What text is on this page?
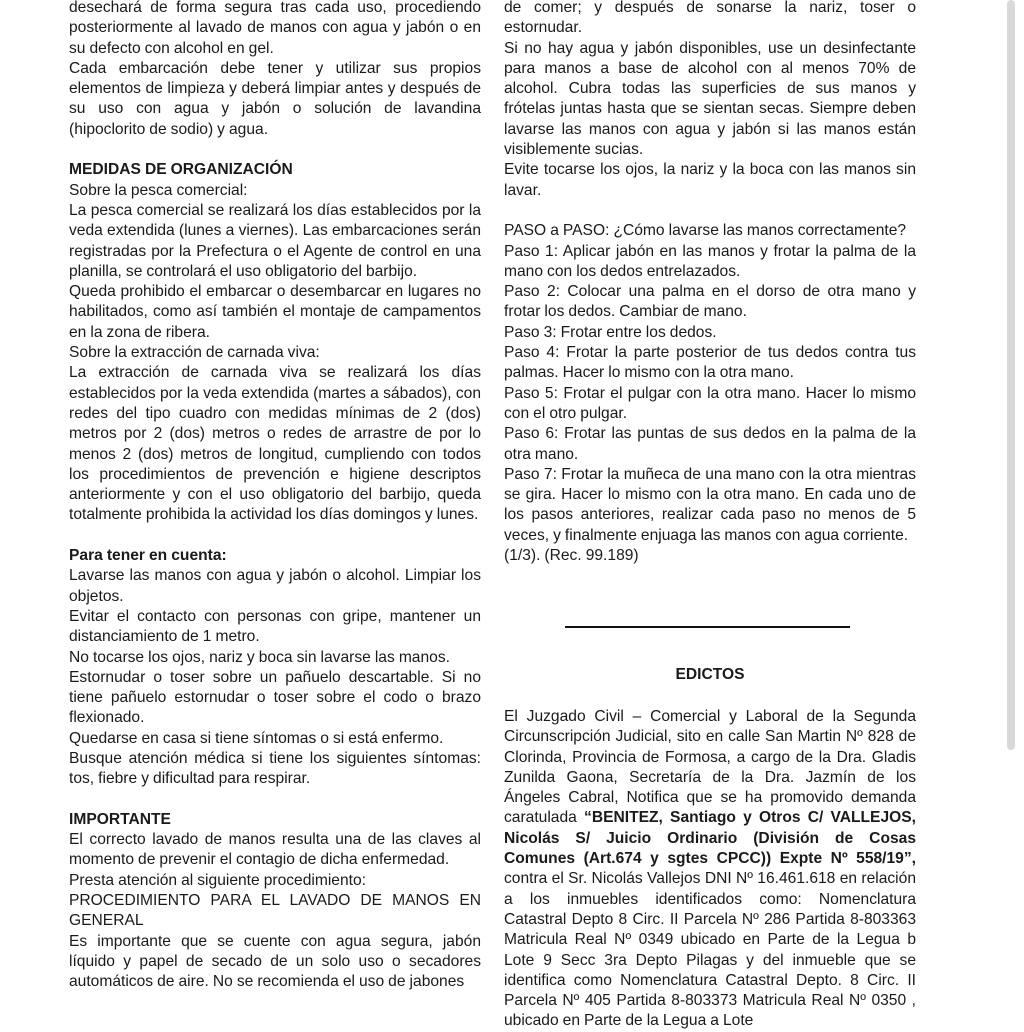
desechará de forma segura tras cada uso, procediendo posteriormente al lavado de manos con agua y jabón o en su defecto con alcohol en gel.

Cada embarcación debe tener y utilizar sus propios elementos de limpieza y deberá limpiar antes y después de su uso con agua y jabón o solución de lavandina (hipoclorito de sodio) y agua.

MEDIDAS DE ORGANIZACIÓN

Sobre la pesca comercial:

La pesca comercial se realizará los días establecidos por la veda extendida (lunes a viernes). Las embarcaciones serán registradas por la Prefectura o el Agente de control en una planilla, se controlará el uso obligatorio del barbijo.

Queda prohibido el embarcar o desembarcar en lugares no habilitados, como así también el montaje de campamentos en la zona de ribera.

Sobre la extracción de carnada viva:

La extracción de carnada viva se realizará los días establecidos por la veda extendida (martes a sábados), con redes del tipo cuadro con medidas mínimas de 2 (dos) metros por 2 (dos) metros o redes de arrastre de por lo menos 2 (dos) metros de longitud, cumpliendo con todos los procedimientos de prevención e higiene descriptos anteriormente y con el uso obligatorio del barbijo, queda totalmente prohibida la actividad los días domingos y lunes.

Para tener en cuenta:

Lavarse las manos con agua y jabón o alcohol. Limpiar los objetos.

Evitar el contacto con personas con gripe, mantener un distanciamiento de 1 metro.

No tocarse los ojos, nariz y boca sin lavarse las manos.

Estornudar o toser sobre un pañuelo descartable. Si no tiene pañuelo estornudar o toser sobre el codo o brazo flexionado.

Quedarse en casa si tiene síntomas o si está enfermo.

Busque atención médica si tiene los siguientes síntomas: tos, fiebre y dificultad para respirar.

IMPORTANTE

El correcto lavado de manos resulta una de las claves al momento de prevenir el contagio de dicha enfermedad.

Presta atención al siguiente procedimiento:

PROCEDIMIENTO PARA EL LAVADO DE MANOS EN GENERAL

Es importante que se cuente con agua segura, jabón líquido y papel de secado de un solo uso o secadores automáticos de aire. No se recomienda el uso de jabones

de comer; y después de sonarse la nariz, toser o estornudar.

Si no hay agua y jabón disponibles, use un desinfectante para manos a base de alcohol con al menos 70% de alcohol. Cubra todas las superficies de sus manos y frótelas juntas hasta que se sientan secas. Siempre deben lavarse las manos con agua y jabón si las manos están visiblemente sucias.

Evite tocarse los ojos, la nariz y la boca con las manos sin lavar.

PASO a PASO: ¿Cómo lavarse las manos correctamente?

Paso 1: Aplicar jabón en las manos y frotar la palma de la mano con los dedos entrelazados.

Paso 2: Colocar una palma en el dorso de otra mano y frotar los dedos. Cambiar de mano.

Paso 3: Frotar entre los dedos.

Paso 4: Frotar la parte posterior de tus dedos contra tus palmas. Hacer lo mismo con la otra mano.

Paso 5: Frotar el pulgar con la otra mano. Hacer lo mismo con el otro pulgar.

Paso 6: Frotar las puntas de sus dedos en la palma de la otra mano.

Paso 7: Frotar la muñeca de una mano con la otra mientras se gira. Hacer lo mismo con la otra mano. En cada uno de los pasos anteriores, realizar cada paso no menos de 5 veces, y finalmente enjuaga las manos con agua corriente.

(1/3). (Rec. 99.189)

EDICTOS

El Juzgado Civil – Comercial y Laboral de la Segunda Circunscripción Judicial, sito en calle San Martin Nº 828 de Clorinda, Provincia de Formosa, a cargo de la Dra. Gladis Zunilda Gaona, Secretaría de la Dra. Jazmín de los Ángeles Cabral, Notifica que se ha promovido demanda caratulada “BENITEZ, Santiago y Otros C/ VALLEJOS, Nicolás S/ Juicio Ordinario (División de Cosas Comunes (Art.674 y sgtes CPCC)) Expte Nº 558/19”, contra el Sr. Nicolás Vallejos DNI Nº 16.461.618 en relación a los inmuebles identificados como: Nomenclatura Catastral Depto 8 Circ. II Parcela Nº 286 Partida 8-803363 Matricula Real Nº 0349 ubicado en Parte de la Legua b Lote 9 Secc 3ra Depto Pilagas y del inmueble que se identifica como Nomenclatura Catastral Depto. 8 Circ. II Parcela Nº 405 Partida 8-803373 Matricula Real Nº 0350 , ubicado en Parte de la Legua a Lote
